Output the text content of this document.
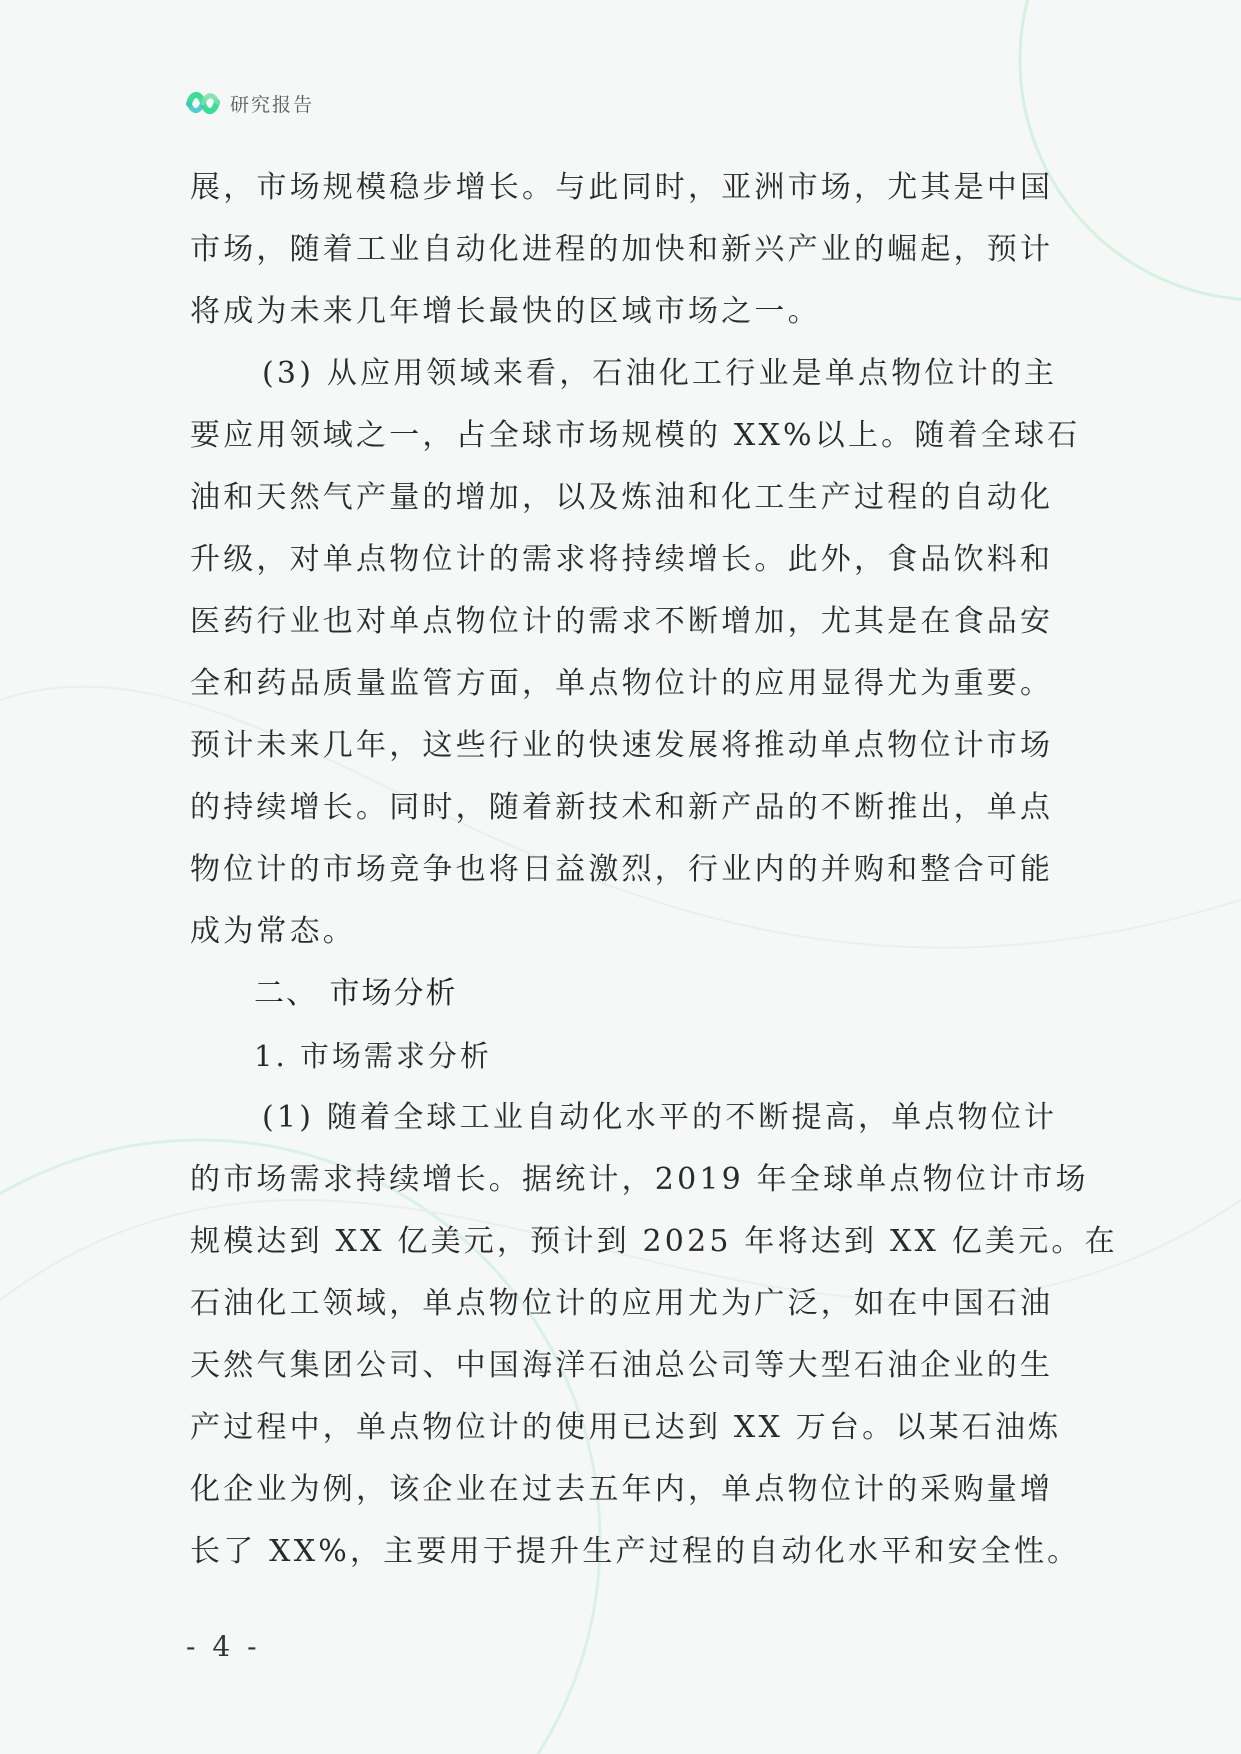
研究报告
展，市场规模稳步增长。与此同时，亚洲市场，尤其是中国
市场，随着工业自动化进程的加快和新兴产业的崛起，预计
将成为未来几年增长最快的区域市场之一。
(3) 从应用领域来看，石油化工行业是单点物位计的主
要应用领域之一，占全球市场规模的 XX%以上。随着全球石
油和天然气产量的增加，以及炼油和化工生产过程的自动化
升级，对单点物位计的需求将持续增长。此外，食品饮料和
医药行业也对单点物位计的需求不断增加，尤其是在食品安
全和药品质量监管方面，单点物位计的应用显得尤为重要。
预计未来几年，这些行业的快速发展将推动单点物位计市场
的持续增长。同时，随着新技术和新产品的不断推出，单点
物位计的市场竞争也将日益激烈，行业内的并购和整合可能
成为常态。
二、 市场分析
1. 市场需求分析
(1) 随着全球工业自动化水平的不断提高，单点物位计
的市场需求持续增长。据统计，2019 年全球单点物位计市场
规模达到 XX 亿美元，预计到 2025 年将达到 XX 亿美元。在
石油化工领域，单点物位计的应用尤为广泛，如在中国石油
天然气集团公司、中国海洋石油总公司等大型石油企业的生
产过程中，单点物位计的使用已达到 XX 万台。以某石油炼
化企业为例，该企业在过去五年内，单点物位计的采购量增
长了 XX%，主要用于提升生产过程的自动化水平和安全性。
- 4 -
